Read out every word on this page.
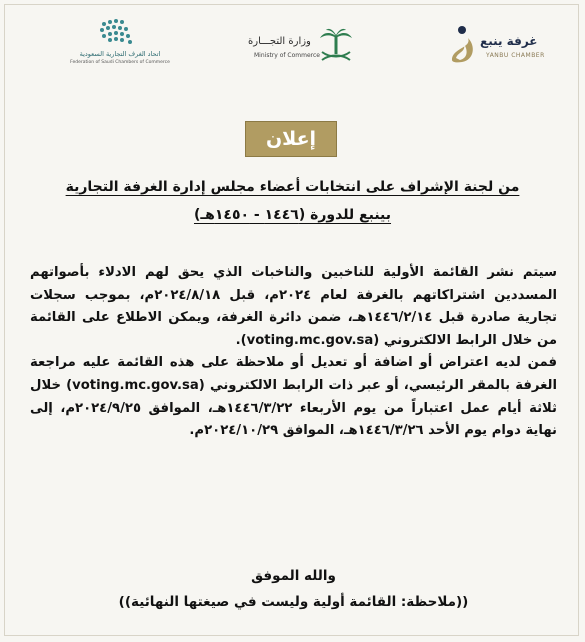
غرفة ينبع
YANBU CHAMBER
وزارة التجـــارة
Ministry of Commerce
اتحاد الغرف التجارية السعودية
Federation of Saudi Chambers of Commerce
إعلان
من لجنة الإشراف على انتخابات أعضاء مجلس إدارة الغرفة التجارية
بينبع للدورة (١٤٤٦ - ١٤٥٠هـ)

سيتم نشر القائمة الأولية للناخبين والناخبات الذي يحق لهم الادلاء بأصواتهم المسددين اشتراكاتهم بالغرفة لعام ٢٠٢٤م، قبل ٢٠٢٤/٨/١٨م، بموجب سجلات تجارية صادرة قبل ١٤٤٦/٢/١٤هـ، ضمن دائرة الغرفة، ويمكن الاطلاع على القائمة من خلال الرابط الالكتروني (voting.mc.gov.sa).

فمن لديه اعتراض أو اضافة أو تعديل أو ملاحظة على هذه القائمة عليه مراجعة الغرفة بالمقر الرئيسي، أو عبر ذات الرابط الالكتروني (voting.mc.gov.sa) خلال ثلاثة أيام عمل اعتباراً من يوم الأربعاء ١٤٤٦/٣/٢٢هـ، الموافق ٢٠٢٤/٩/٢٥م، إلى نهاية دوام يوم الأحد ١٤٤٦/٣/٢٦هـ، الموافق ٢٠٢٤/١٠/٢٩م.

والله الموفق
((ملاحظة: القائمة أولية وليست في صيغتها النهائية))
